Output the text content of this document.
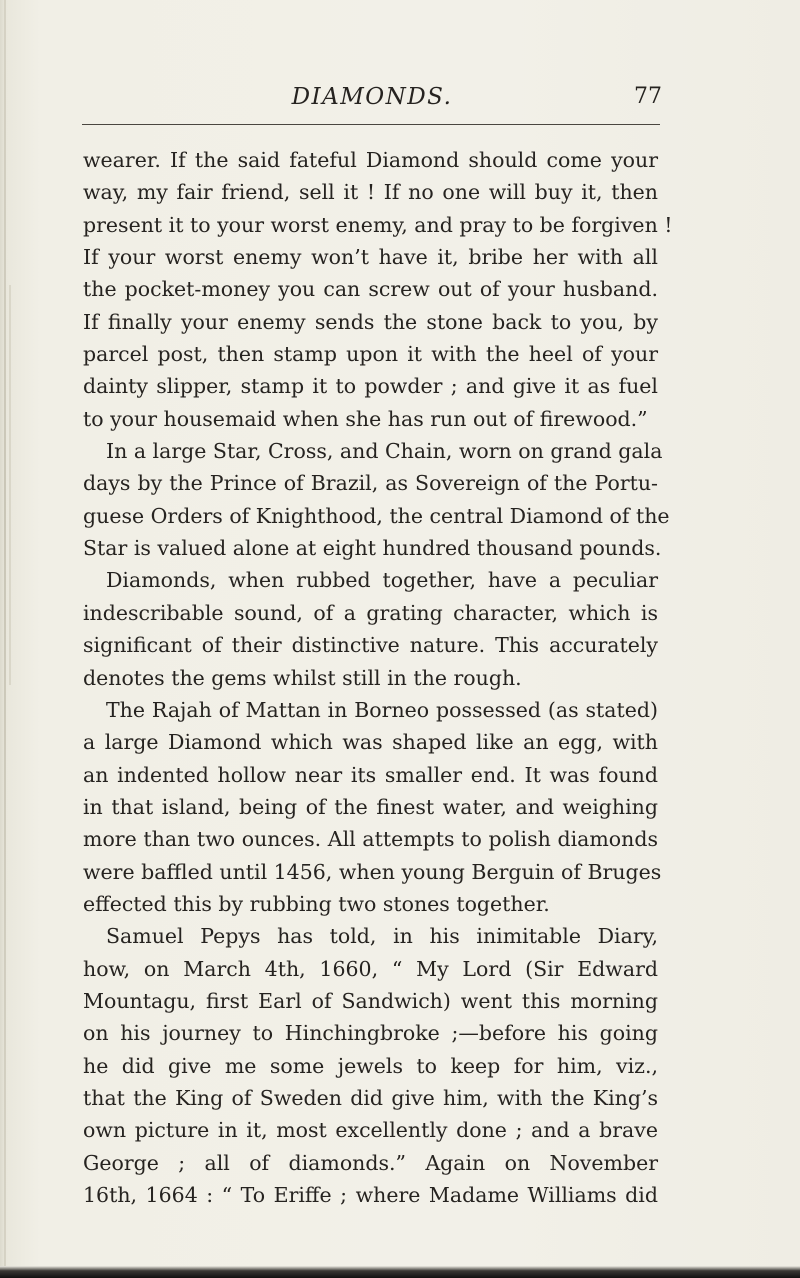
DIAMONDS.	77
wearer. If the said fateful Diamond should come your
way, my fair friend, sell it ! If no one will buy it, then
present it to your worst enemy, and pray to be forgiven !
If your worst enemy won’t have it, bribe her with all
the pocket-money you can screw out of your husband.
If finally your enemy sends the stone back to you, by
parcel post, then stamp upon it with the heel of your
dainty slipper, stamp it to powder ; and give it as fuel
to your housemaid when she has run out of firewood.”
In a large Star, Cross, and Chain, worn on grand gala
days by the Prince of Brazil, as Sovereign of the Portu-
guese Orders of Knighthood, the central Diamond of the
Star is valued alone at eight hundred thousand pounds.
Diamonds, when rubbed together, have a peculiar
indescribable sound, of a grating character, which is
significant of their distinctive nature. This accurately
denotes the gems whilst still in the rough.
The Rajah of Mattan in Borneo possessed (as stated)
a large Diamond which was shaped like an egg, with
an indented hollow near its smaller end. It was found
in that island, being of the finest water, and weighing
more than two ounces. All attempts to polish diamonds
were baffled until 1456, when young Berguin of Bruges
effected this by rubbing two stones together.
Samuel Pepys has told, in his inimitable Diary,
how, on March 4th, 1660, “ My Lord (Sir Edward
Mountagu, first Earl of Sandwich) went this morning
on his journey to Hinchingbroke ;—before his going
he did give me some jewels to keep for him, viz.,
that the King of Sweden did give him, with the King’s
own picture in it, most excellently done ; and a brave
George ; all of diamonds.” Again on November
16th, 1664 : “ To Eriffe ; where Madame Williams did
